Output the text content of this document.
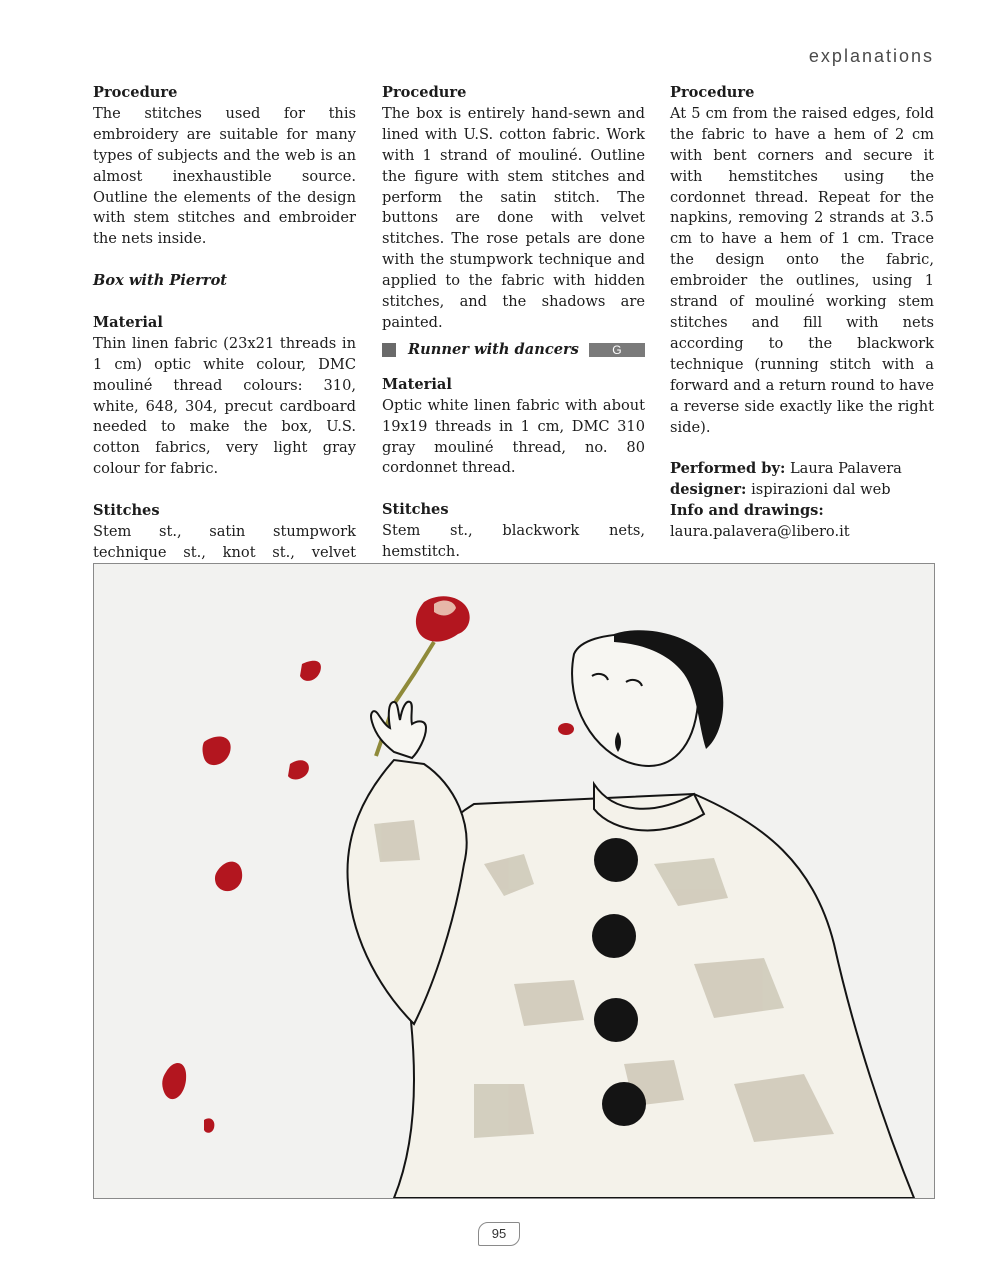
explanations

Procedure

The stitches used for this embroidery are suitable for many types of subjects and the web is an almost inexhaustible source. Outline the elements of the design with stem stitches and embroider the nets inside.

Box with Pierrot

Material

Thin linen fabric (23x21 threads in 1 cm) optic white colour, DMC mouliné thread colours: 310, white, 648, 304, precut cardboard needed to make the box, U.S. cotton fabrics, very light gray colour for fabric.

Stitches

Stem st., satin stumpwork technique st., knot st., velvet

Procedure

The box is entirely hand-sewn and lined with U.S. cotton fabric. Work with 1 strand of mouliné. Outline the figure with stem stitches and perform the satin stitch. The buttons are done with velvet stitches. The rose petals are done with the stumpwork technique and applied to the fabric with hidden stitches, and the shadows are painted.

Runner with dancers	G

Material

Optic white linen fabric with about 19x19 threads in 1 cm, DMC 310 gray mouliné thread, no. 80 cordonnet thread.

Stitches

Stem st., blackwork nets, hemstitch.

Procedure

At 5 cm from the raised edges, fold the fabric to have a hem of 2 cm with bent corners and secure it with hemstitches using the cordonnet thread. Repeat for the napkins, removing 2 strands at 3.5 cm to have a hem of 1 cm. Trace the design onto the fabric, embroider the outlines, using 1 strand of mouliné working stem stitches and fill with nets according to the blackwork technique (running stitch with a forward and a return round to have a reverse side exactly like the right side).

Performed by: Laura Palavera

designer: ispirazioni dal web

Info and drawings:

laura.palavera@libero.it

95
